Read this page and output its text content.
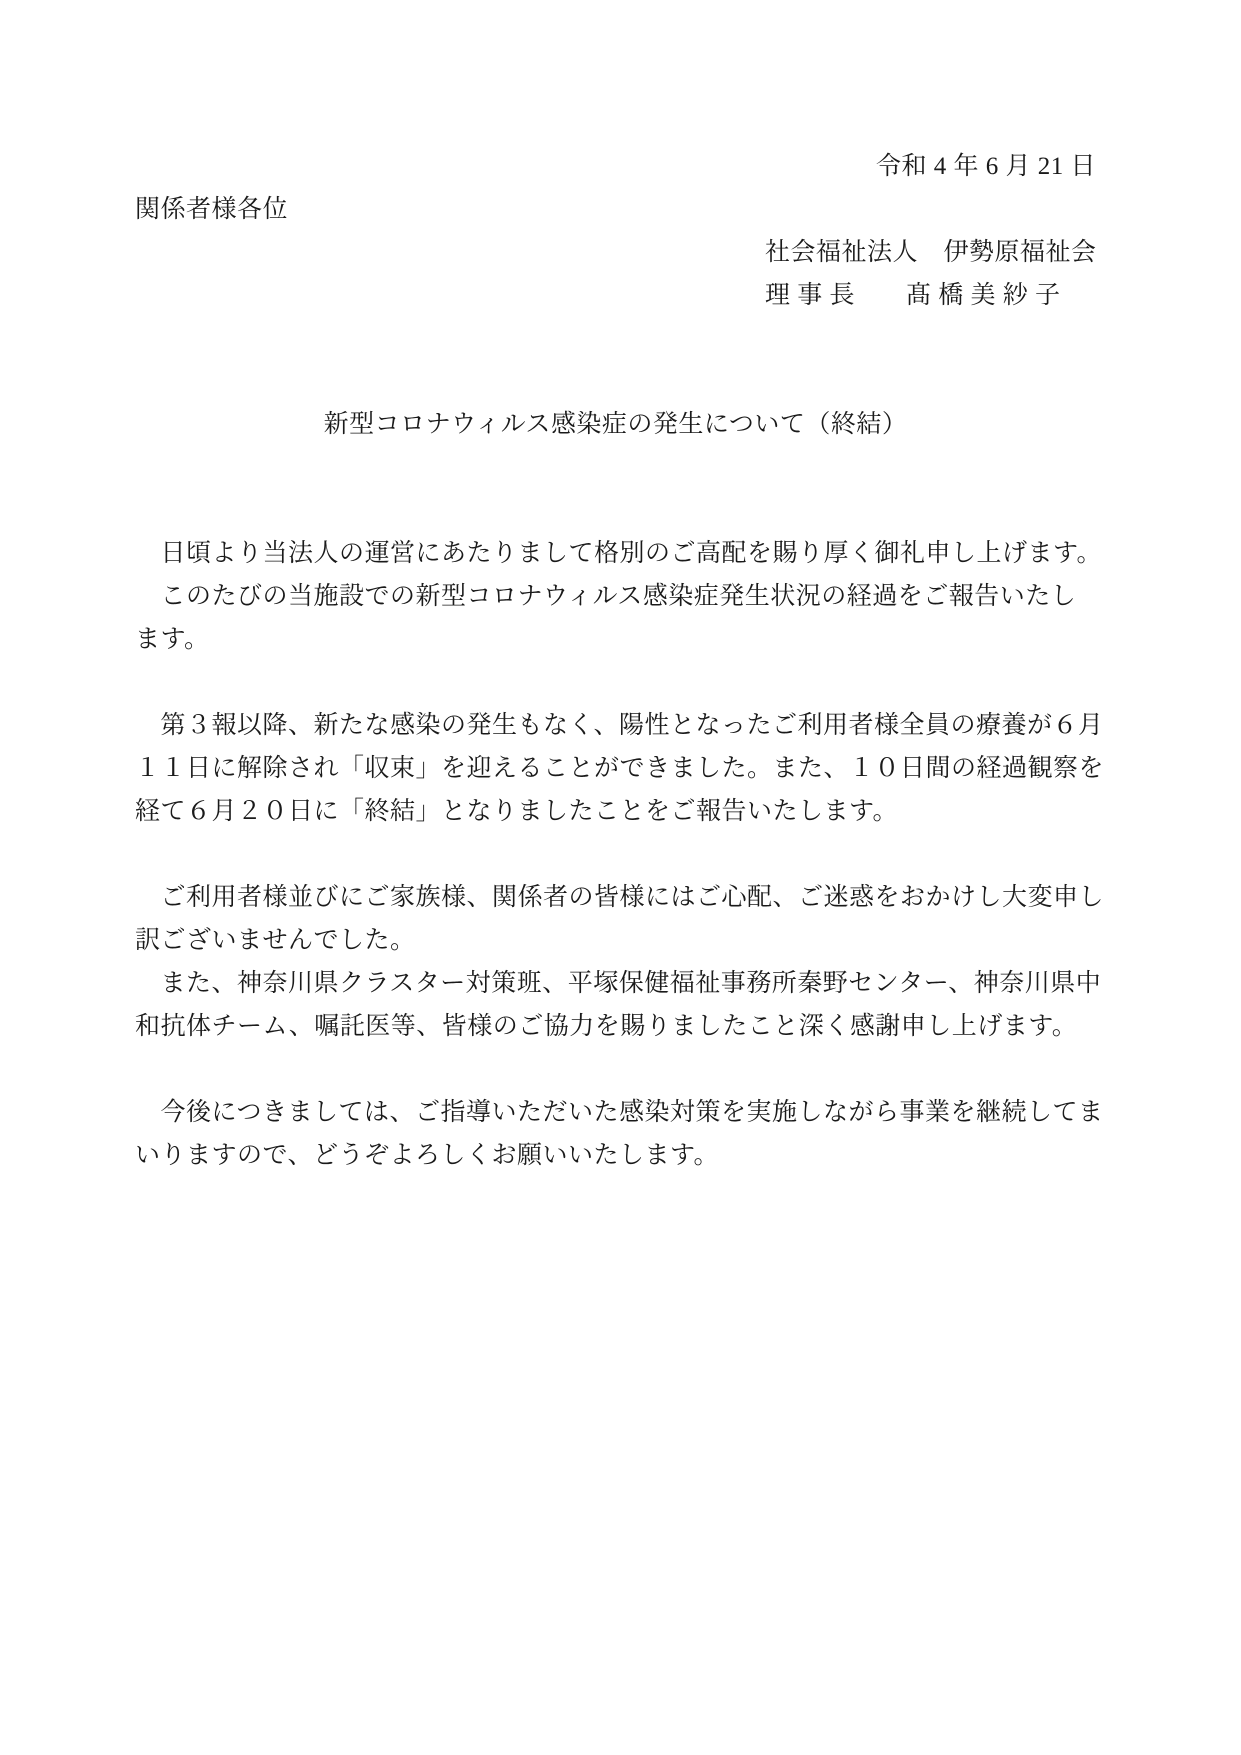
令和 4 年 6 月 21 日
関係者様各位
社会福祉法人　伊勢原福祉会
理 事 長　　髙 橋 美 紗 子
新型コロナウィルス感染症の発生について（終結）
　日頃より当法人の運営にあたりまして格別のご高配を賜り厚く御礼申し上げます。
　このたびの当施設での新型コロナウィルス感染症発生状況の経過をご報告いたし
ます。
　第３報以降、新たな感染の発生もなく、陽性となったご利用者様全員の療養が６月
１１日に解除され「収束」を迎えることができました。また、１０日間の経過観察を
経て６月２０日に「終結」となりましたことをご報告いたします。
　ご利用者様並びにご家族様、関係者の皆様にはご心配、ご迷惑をおかけし大変申し
訳ございませんでした。
　また、神奈川県クラスター対策班、平塚保健福祉事務所秦野センター、神奈川県中
和抗体チーム、嘱託医等、皆様のご協力を賜りましたこと深く感謝申し上げます。
　今後につきましては、ご指導いただいた感染対策を実施しながら事業を継続してま
いりますので、どうぞよろしくお願いいたします。
